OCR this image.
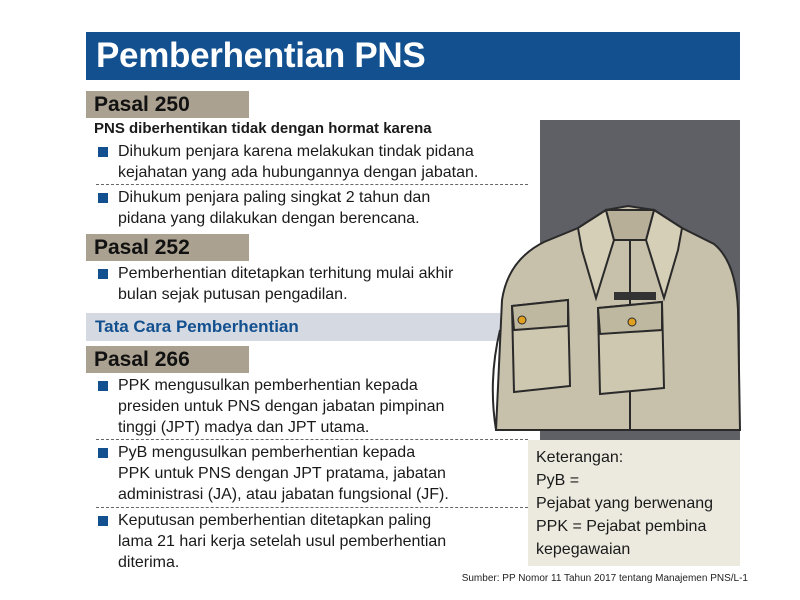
Pemberhentian PNS
Pasal 250
PNS diberhentikan tidak dengan hormat karena
Dihukum penjara karena melakukan tindak pidana
kejahatan yang ada hubungannya dengan jabatan.
Dihukum penjara paling singkat 2 tahun dan
pidana yang dilakukan dengan berencana.
Pasal 252
Pemberhentian ditetapkan terhitung mulai akhir
bulan sejak putusan pengadilan.
Tata Cara Pemberhentian
Pasal 266
PPK mengusulkan pemberhentian kepada
presiden untuk PNS dengan jabatan pimpinan
tinggi (JPT) madya dan JPT utama.
PyB mengusulkan pemberhentian kepada
PPK untuk PNS dengan JPT pratama, jabatan
administrasi (JA), atau jabatan fungsional (JF).
Keputusan pemberhentian ditetapkan paling
lama 21 hari kerja setelah usul pemberhentian
diterima.
Keterangan:
PyB =
Pejabat yang berwenang
PPK = Pejabat pembina
kepegawaian
Sumber: PP Nomor 11 Tahun 2017 tentang Manajemen PNS/L-1
